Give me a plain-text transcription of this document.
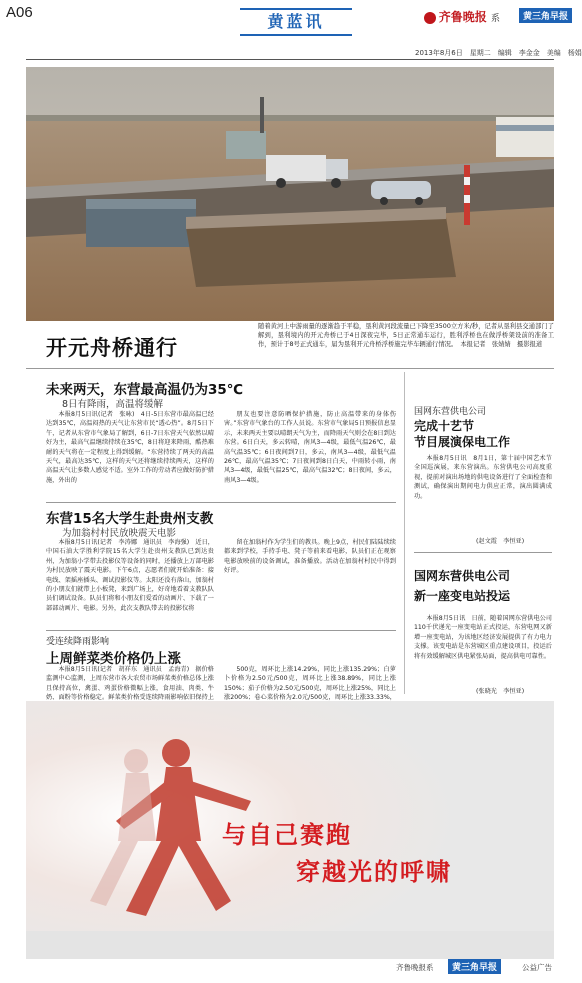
A06	黄蓝讯	齐鲁晚报 系	黄三角早报
2013年8月6日　星期二　编辑　李金金　美编　杨娟
开元舟桥通行
随着黄河上中游雨量的逐渐趋于平稳，垦利黄河段流量已下降至3500立方米/秒，记者从垦利县交通部门了解到，垦利境内的开元舟桥已于4日深夜完毕，5日正常通车运行，胜利浮桥也在做浮桥架设前的准备工作，预计于8号正式通车，届为垦利开元舟桥浮桥施完毕车辆通行情况。　本报记者　张婧婧　摄影报道
未来两天，东营最高温仍为35℃
8日有降雨，高温将缓解
本报8月5日讯(记者　张咏)　4日-5日东营市最高温已经达到35℃，高温闷热的天气让东营市民“透心热”。8月5日下午，记者从东营市气象局了解到，6日-7日东营天气依然以晴好为主，最高气温继续持续在35℃，8日将迎来降雨，酷热难耐的天气将在一定程度上得到缓解。“东营持续了两天的高温天气，最高达35℃，这样的天气还将继续持续两天，这样的高温天气让多数人感觉不适。室外工作的劳动者应做好防护措施，外出的
朋友也要注意防晒保护措施，防止高温带来的身体伤害。”东营市气象台的工作人员说。东营市气象局5日预报信息显示，未来两天主要以晴朗天气为主，而降雨天气则会在8日到达东营。6日白天，多云转晴，南风3—4级，最低气温26℃，最高气温35℃；6日夜间到7日，多云，南风3—4级，最低气温26℃，最高气温35℃；7日夜间到8日白天，中雨转小雨，南风3—4级，最低气温25℃，最高气温32℃；8日夜间，多云，南风3—4级。
东营15名大学生赴贵州支教
为加翁村村民放映震天电影
本报8月5日讯(记者　李涛娜　通讯员　李海强)　近日，中国石油大学胜利学院15名大学生赴贵州支教队已到达贵州，为加翁小学带去投影仪等设备的同时，还播放上万部电影为村民放映了震天电影。下午6点，志愿者们就开始准备：接电线、架摇座插头、调试投影仪等。太阳还没有落山，加翁村的小朋友们就带上小板凳，来到广场上，好奇地看着支教队队员们调试设备。队员们将和小朋友们爱看的动画片、下载了一部部动画片、电影。另外，此次支教队带去的投影仪将
留在加翁村作为学生们的教具。晚上9点，村民们陆陆续续都来到学校，手持手电、凳子等前来看电影，队员们正在观察电影放映前的设备调试，准备播放。活动在加翁村村民中得到好评。
受连续降雨影响
上周鲜菜类价格仍上涨
本报8月5日讯(记者　胡祥东　通讯员　孟海青)　据价格监测中心监测，上周东营市各大农贸市场鲜菜类价格总体上涨且保持高位，禽蛋、鸡蛋价格微幅上涨，食用油、肉类、牛奶、面粉等价格稳定。鲜菜类价格受连续降雨影响依旧保持上
500克，周环比上涨14.29%，同比上涨135.29%；白萝卜价格为2.50元/500克，周环比上涨38.89%，同比上涨150%；茄子价格为2.50元/500克，周环比上涨25%，同比上涨200%；卷心菜价格为2.0元/500克，周环比上涨33.33%，
国网东营供电公司
完成十艺节
节目展演保电工作
本报8月5日讯　8月1日，第十届中国艺术节全国巡演展，来东营演出。东营供电公司高度重视，提前对演出场地的供电设备进行了全面检查和测试，确保演出期间电力供应正常，演出圆满成功。
(赵文霞　李恒亚)
国网东营供电公司
新一座变电站投运
本报8月5日讯　日前，随着国网东营供电公司110千伏递光一座变电站正式投运，东营电网又新增一座变电站，为该地区经济发展提供了有力电力支撑。该变电站是东营城区重点建设项目，投运后将有效缓解城区供电紧张局面，提高供电可靠性。
(张晓光　李恒亚)
与自己赛跑
穿越光的呼啸
齐鲁晚报系	黄三角早报	公益广告
